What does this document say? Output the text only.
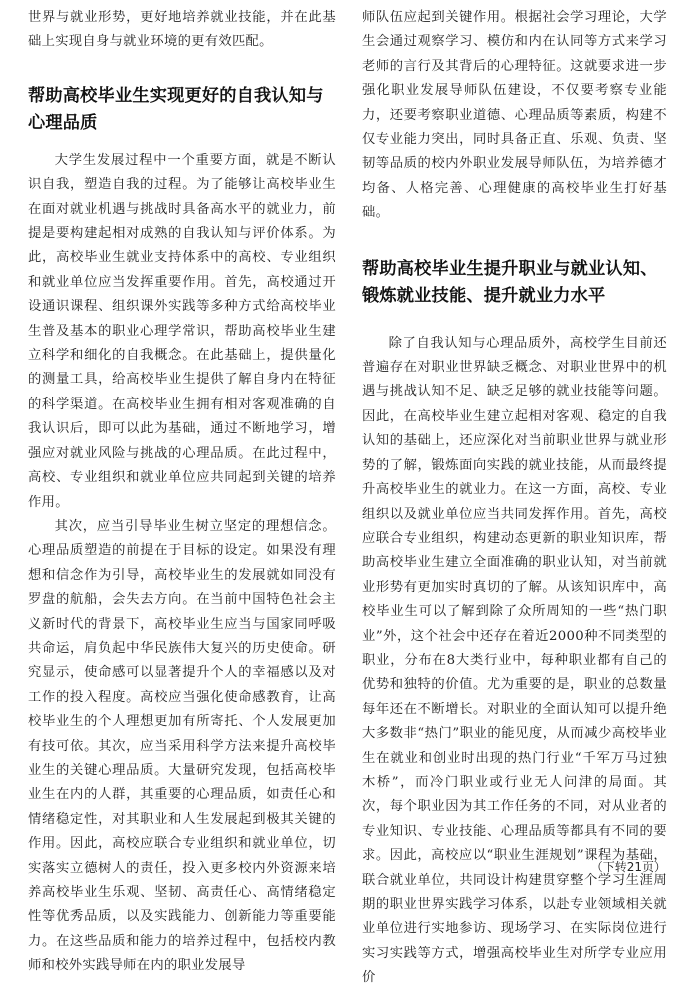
世界与就业形势，更好地培养就业技能，并在此基础上实现自身与就业环境的更有效匹配。

帮助高校毕业生实现更好的自我认知与心理品质

大学生发展过程中一个重要方面，就是不断认识自我，塑造自我的过程。为了能够让高校毕业生在面对就业机遇与挑战时具备高水平的就业力，前提是要构建起相对成熟的自我认知与评价体系。为此，高校毕业生就业支持体系中的高校、专业组织和就业单位应当发挥重要作用。首先，高校通过开设通识课程、组织课外实践等多种方式给高校毕业生普及基本的职业心理学常识，帮助高校毕业生建立科学和细化的自我概念。在此基础上，提供量化的测量工具，给高校毕业生提供了解自身内在特征的科学渠道。在高校毕业生拥有相对客观准确的自我认识后，即可以此为基础，通过不断地学习，增强应对就业风险与挑战的心理品质。在此过程中，高校、专业组织和就业单位应共同起到关键的培养作用。

其次，应当引导毕业生树立坚定的理想信念。心理品质塑造的前提在于目标的设定。如果没有理想和信念作为引导，高校毕业生的发展就如同没有罗盘的航船，会失去方向。在当前中国特色社会主义新时代的背景下，高校毕业生应当与国家同呼吸共命运，肩负起中华民族伟大复兴的历史使命。研究显示，使命感可以显著提升个人的幸福感以及对工作的投入程度。高校应当强化使命感教育，让高校毕业生的个人理想更加有所寄托、个人发展更加有技可依。其次，应当采用科学方法来提升高校毕业生的关键心理品质。大量研究发现，包括高校毕业生在内的人群，其重要的心理品质，如责任心和情绪稳定性，对其职业和人生发展起到极其关键的作用。因此，高校应联合专业组织和就业单位，切实落实立德树人的责任，投入更多校内外资源来培养高校毕业生乐观、坚韧、高责任心、高情绪稳定性等优秀品质，以及实践能力、创新能力等重要能力。在这些品质和能力的培养过程中，包括校内教师和校外实践导师在内的职业发展导

师队伍应起到关键作用。根据社会学习理论，大学生会通过观察学习、模仿和内在认同等方式来学习老师的言行及其背后的心理特征。这就要求进一步强化职业发展导师队伍建设，不仅要考察专业能力，还要考察职业道德、心理品质等素质，构建不仅专业能力突出，同时具备正直、乐观、负责、坚韧等品质的校内外职业发展导师队伍，为培养德才均备、人格完善、心理健康的高校毕业生打好基础。

帮助高校毕业生提升职业与就业认知、锻炼就业技能、提升就业力水平

除了自我认知与心理品质外，高校学生目前还普遍存在对职业世界缺乏概念、对职业世界中的机遇与挑战认知不足、缺乏足够的就业技能等问题。因此，在高校毕业生建立起相对客观、稳定的自我认知的基础上，还应深化对当前职业世界与就业形势的了解，锻炼面向实践的就业技能，从而最终提升高校毕业生的就业力。在这一方面，高校、专业组织以及就业单位应当共同发挥作用。首先，高校应联合专业组织，构建动态更新的职业知识库，帮助高校毕业生建立全面准确的职业认知，对当前就业形势有更加实时真切的了解。从该知识库中，高校毕业生可以了解到除了众所周知的一些“热门职业”外，这个社会中还存在着近2000种不同类型的职业，分布在8大类行业中，每种职业都有自己的优势和独特的价值。尤为重要的是，职业的总数量每年还在不断增长。对职业的全面认知可以提升绝大多数非“热门”职业的能见度，从而减少高校毕业生在就业和创业时出现的热门行业“千军万马过独木桥”，而冷门职业或行业无人问津的局面。其次，每个职业因为其工作任务的不同，对从业者的专业知识、专业技能、心理品质等都具有不同的要求。因此，高校应以“职业生涯规划”课程为基础，联合就业单位，共同设计构建贯穿整个学习生涯周期的职业世界实践学习体系，以赴专业领域相关就业单位进行实地参访、现场学习、在实际岗位进行实习实践等方式，增强高校毕业生对所学专业应用价

（下转21页）
